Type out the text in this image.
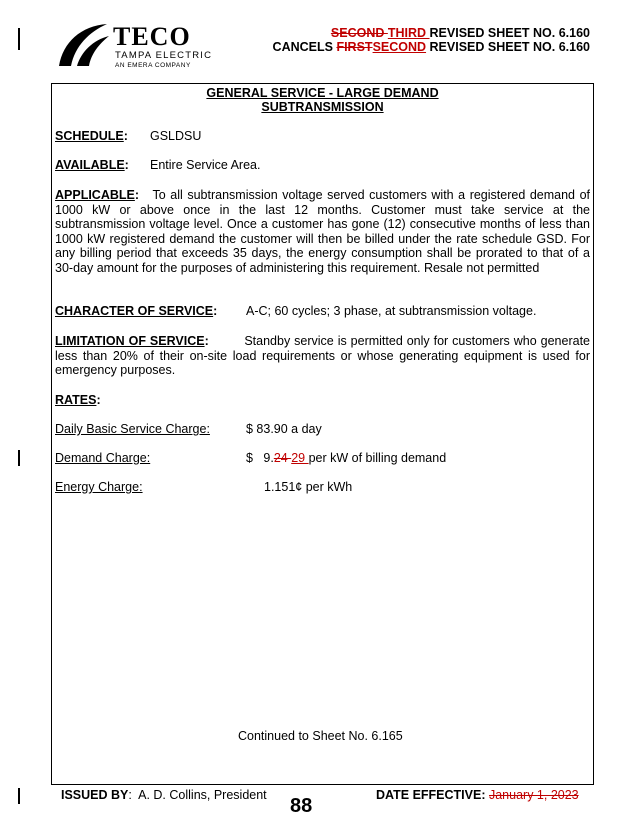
TECO
TAMPA ELECTRIC
AN EMERA COMPANY
SECOND THIRD REVISED SHEET NO. 6.160
CANCELS FIRSTSECOND REVISED SHEET NO. 6.160
GENERAL SERVICE - LARGE DEMAND
SUBTRANSMISSION
SCHEDULE: GSLDSU
AVAILABLE: Entire Service Area.
APPLICABLE: To all subtransmission voltage served customers with a registered demand of 1000 kW or above once in the last 12 months. Customer must take service at the subtransmission voltage level. Once a customer has gone (12) consecutive months of less than 1000 kW registered demand the customer will then be billed under the rate schedule GSD. For any billing period that exceeds 35 days, the energy consumption shall be prorated to that of a 30-day amount for the purposes of administering this requirement. Resale not permitted
CHARACTER OF SERVICE: A-C; 60 cycles; 3 phase, at subtransmission voltage.
LIMITATION OF SERVICE:	Standby service is permitted only for customers who generate less than 20% of their on-site load requirements or whose generating equipment is used for emergency purposes.
RATES:
Daily Basic Service Charge:	$ 83.90 a day
Demand Charge:	$ 9.24 29 per kW of billing demand
Energy Charge:	1.151¢ per kWh
Continued to Sheet No. 6.165
ISSUED BY:  A. D. Collins, President 88	DATE EFFECTIVE: January 1, 2023
